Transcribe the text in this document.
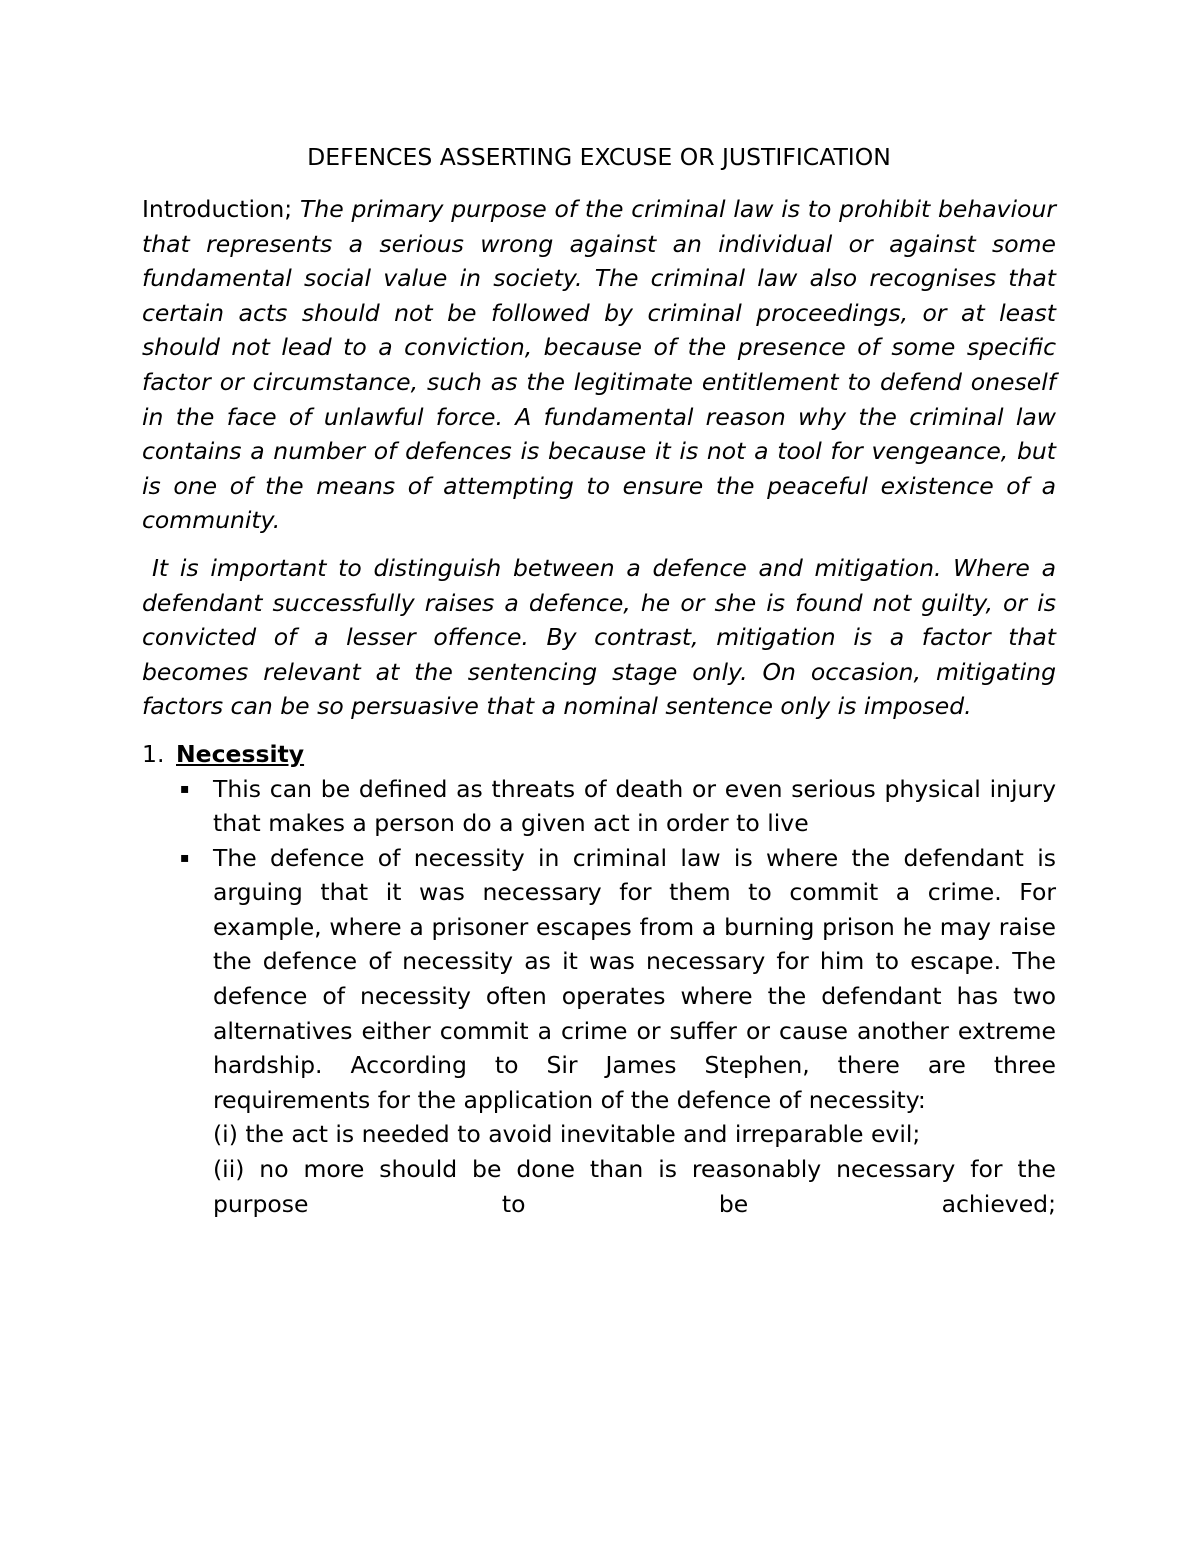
DEFENCES ASSERTING EXCUSE OR JUSTIFICATION

Introduction; The primary purpose of the criminal law is to prohibit behaviour that represents a serious wrong against an individual or against some fundamental social value in society. The criminal law also recognises that certain acts should not be followed by criminal proceedings, or at least should not lead to a conviction, because of the presence of some specific factor or circumstance, such as the legitimate entitlement to defend oneself in the face of unlawful force. A fundamental reason why the criminal law contains a number of defences is because it is not a tool for vengeance, but is one of the means of attempting to ensure the peaceful existence of a community.

It is important to distinguish between a defence and mitigation. Where a defendant successfully raises a defence, he or she is found not guilty, or is convicted of a lesser offence. By contrast, mitigation is a factor that becomes relevant at the sentencing stage only. On occasion, mitigating factors can be so persuasive that a nominal sentence only is imposed.

1. Necessity
▪ This can be defined as threats of death or even serious physical injury that makes a person do a given act in order to live
▪ The defence of necessity in criminal law is where the defendant is arguing that it was necessary for them to commit a crime. For example, where a prisoner escapes from a burning prison he may raise the defence of necessity as it was necessary for him to escape. The defence of necessity often operates where the defendant has two alternatives either commit a crime or suffer or cause another extreme hardship. According to Sir James Stephen, there are three requirements for the application of the defence of necessity:

(i) the act is needed to avoid inevitable and irreparable evil;

(ii) no more should be done than is reasonably necessary for the purpose to be achieved;
